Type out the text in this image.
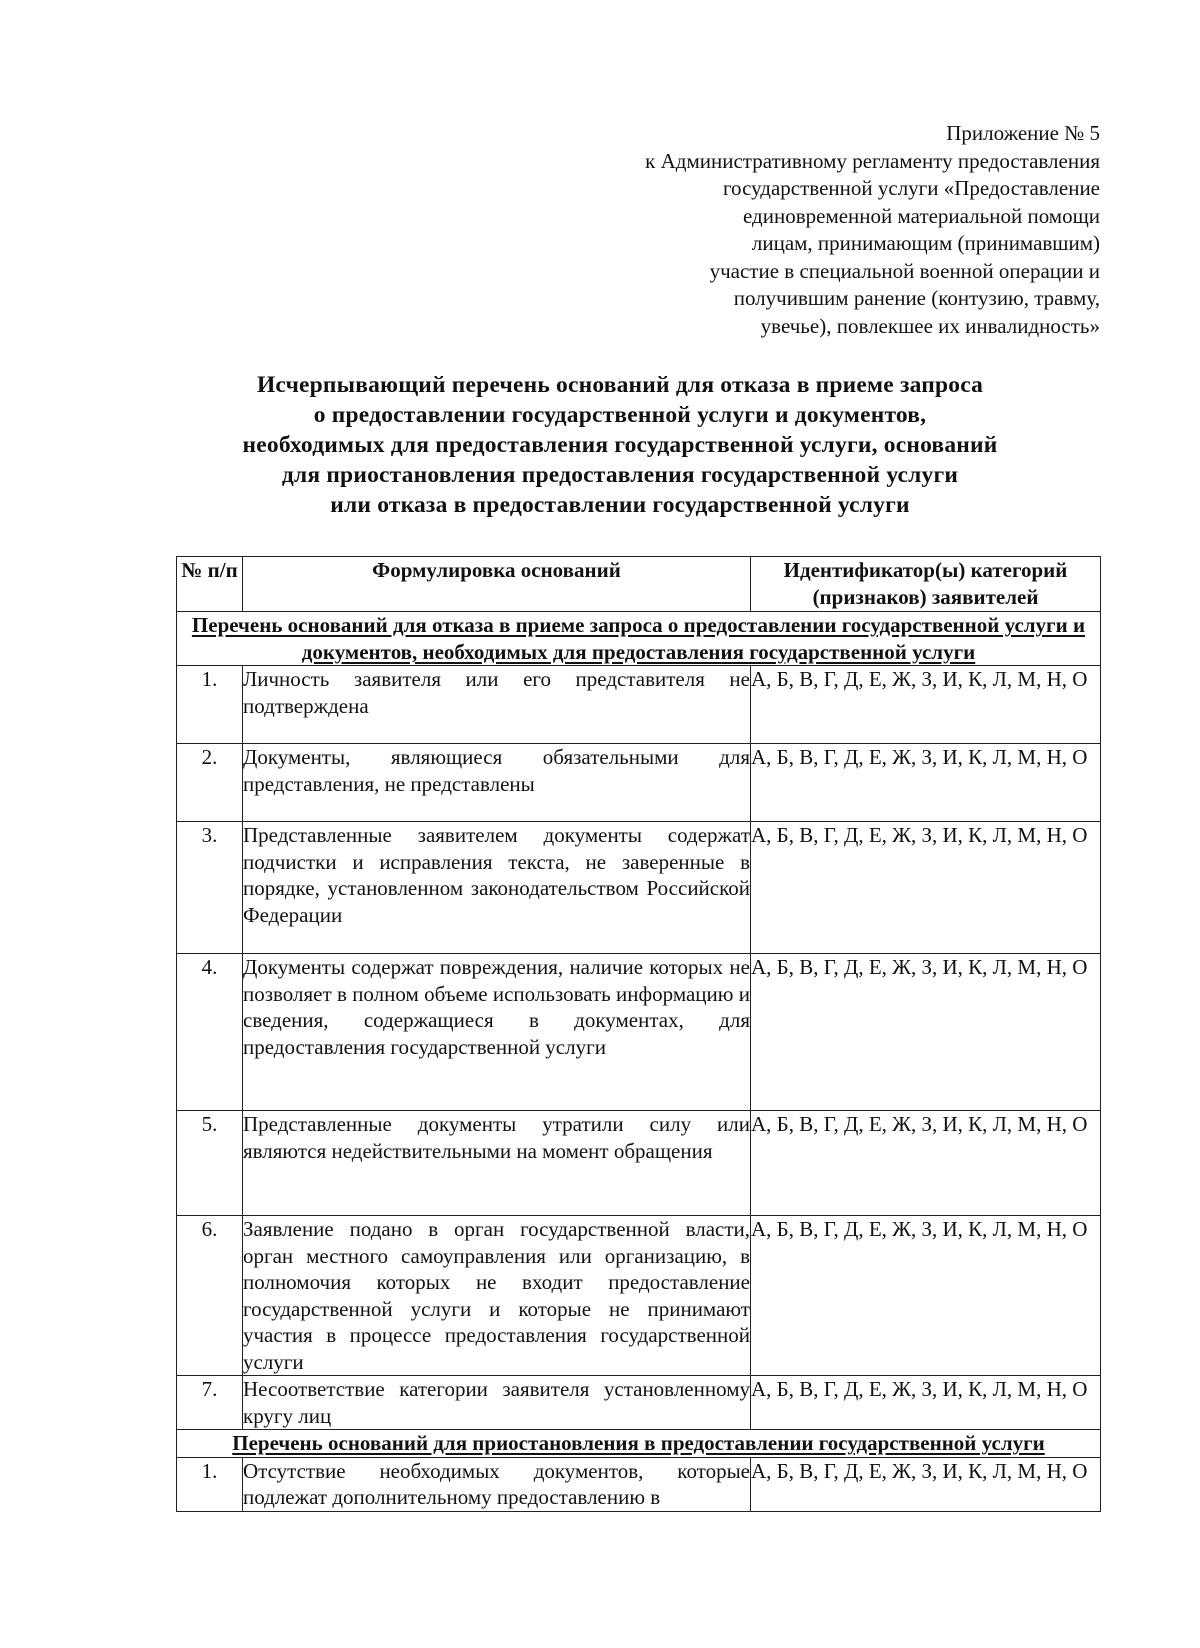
Приложение № 5
к Административному регламенту предоставления
государственной услуги «Предоставление
единовременной материальной помощи
лицам, принимающим (принимавшим)
участие в специальной военной операции и
получившим ранение (контузию, травму,
увечье), повлекшее их инвалидность»
Исчерпывающий перечень оснований для отказа в приеме запроса
о предоставлении государственной услуги и документов,
необходимых для предоставления государственной услуги, оснований
для приостановления предоставления государственной услуги
или отказа в предоставлении государственной услуги
№ п/п	Формулировка оснований	Идентификатор(ы) категорий (признаков) заявителей
Перечень оснований для отказа в приеме запроса о предоставлении государственной услуги и документов, необходимых для предоставления государственной услуги		
1.	Личность заявителя или его представителя не подтверждена	А, Б, В, Г, Д, Е, Ж, З, И, К, Л, М, Н, О
2.	Документы, являющиеся обязательными для представления, не представлены	А, Б, В, Г, Д, Е, Ж, З, И, К, Л, М, Н, О
3.	Представленные заявителем документы содержат подчистки и исправления текста, не заверенные в порядке, установленном законодательством Российской Федерации	А, Б, В, Г, Д, Е, Ж, З, И, К, Л, М, Н, О
4.	Документы содержат повреждения, наличие которых не позволяет в полном объеме использовать информацию и сведения, содержащиеся в документах, для предоставления государственной услуги	А, Б, В, Г, Д, Е, Ж, З, И, К, Л, М, Н, О
5.	Представленные документы утратили силу или являются недействительными на момент обращения	А, Б, В, Г, Д, Е, Ж, З, И, К, Л, М, Н, О
6.	Заявление подано в орган государственной власти, орган местного самоуправления или организацию, в полномочия которых не входит предоставление государственной услуги и которые не принимают участия в процессе предоставления государственной услуги	А, Б, В, Г, Д, Е, Ж, З, И, К, Л, М, Н, О
7.	Несоответствие категории заявителя установленному кругу лиц	А, Б, В, Г, Д, Е, Ж, З, И, К, Л, М, Н, О
Перечень оснований для приостановления в предоставлении государственной услуги		
1.	Отсутствие необходимых документов, которые подлежат дополнительному предоставлению в	А, Б, В, Г, Д, Е, Ж, З, И, К, Л, М, Н, О
